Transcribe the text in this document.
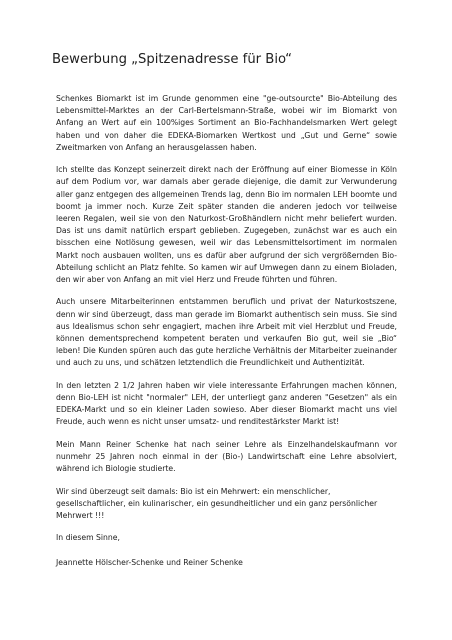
Bewerbung „Spitzenadresse für Bio“

Schenkes Biomarkt ist im Grunde genommen eine "ge-outsourcte" Bio-Abteilung des Lebensmittel-Marktes an der Carl-Bertelsmann-Straße, wobei wir im Biomarkt von Anfang an Wert auf ein 100%iges Sortiment an Bio-Fachhandelsmarken Wert gelegt haben und von daher die EDEKA-Biomarken Wertkost und „Gut und Gerne“ sowie Zweitmarken von Anfang an herausgelassen haben.

Ich stellte das Konzept seinerzeit direkt nach der Eröffnung auf einer Biomesse in Köln auf dem Podium vor, war damals aber gerade diejenige, die damit zur Verwunderung aller ganz entgegen des allgemeinen Trends lag, denn Bio im normalen LEH boomte und boomt ja immer noch. Kurze Zeit später standen die anderen jedoch vor teilweise leeren Regalen, weil sie von den Naturkost-Großhändlern nicht mehr beliefert wurden. Das ist uns damit natürlich erspart geblieben. Zugegeben, zunächst war es auch ein bisschen eine Notlösung gewesen, weil wir das Lebensmittelsortiment im normalen Markt noch ausbauen wollten, uns es dafür aber aufgrund der sich vergrößernden Bio-Abteilung schlicht an Platz fehlte. So kamen wir auf Umwegen dann zu einem Bioladen, den wir aber von Anfang an mit viel Herz und Freude führten und führen.

Auch unsere Mitarbeiterinnen entstammen beruflich und privat der Naturkostszene, denn wir sind überzeugt, dass man gerade im Biomarkt authentisch sein muss. Sie sind aus Idealismus schon sehr engagiert, machen ihre Arbeit mit viel Herzblut und Freude, können dementsprechend kompetent beraten und verkaufen Bio gut, weil sie „Bio“ leben! Die Kunden spüren auch das gute herzliche Verhältnis der Mitarbeiter zueinander und auch zu uns, und schätzen letztendlich die Freundlichkeit und Authentizität.

In den letzten 2 1/2 Jahren haben wir viele interessante Erfahrungen machen können, denn Bio-LEH ist nicht "normaler" LEH, der unterliegt ganz anderen "Gesetzen" als ein EDEKA-Markt und so ein kleiner Laden sowieso. Aber dieser Biomarkt macht uns viel Freude, auch wenn es nicht unser umsatz- und renditestärkster Markt ist!

Mein Mann Reiner Schenke hat nach seiner Lehre als Einzelhandelskaufmann vor nunmehr 25 Jahren noch einmal in der (Bio-) Landwirtschaft eine Lehre absolviert, während ich Biologie studierte.

Wir sind überzeugt seit damals: Bio ist ein Mehrwert: ein menschlicher, gesellschaftlicher, ein kulinarischer, ein gesundheitlicher und ein ganz persönlicher Mehrwert !!!

In diesem Sinne,

Jeannette Hölscher-Schenke und Reiner Schenke
